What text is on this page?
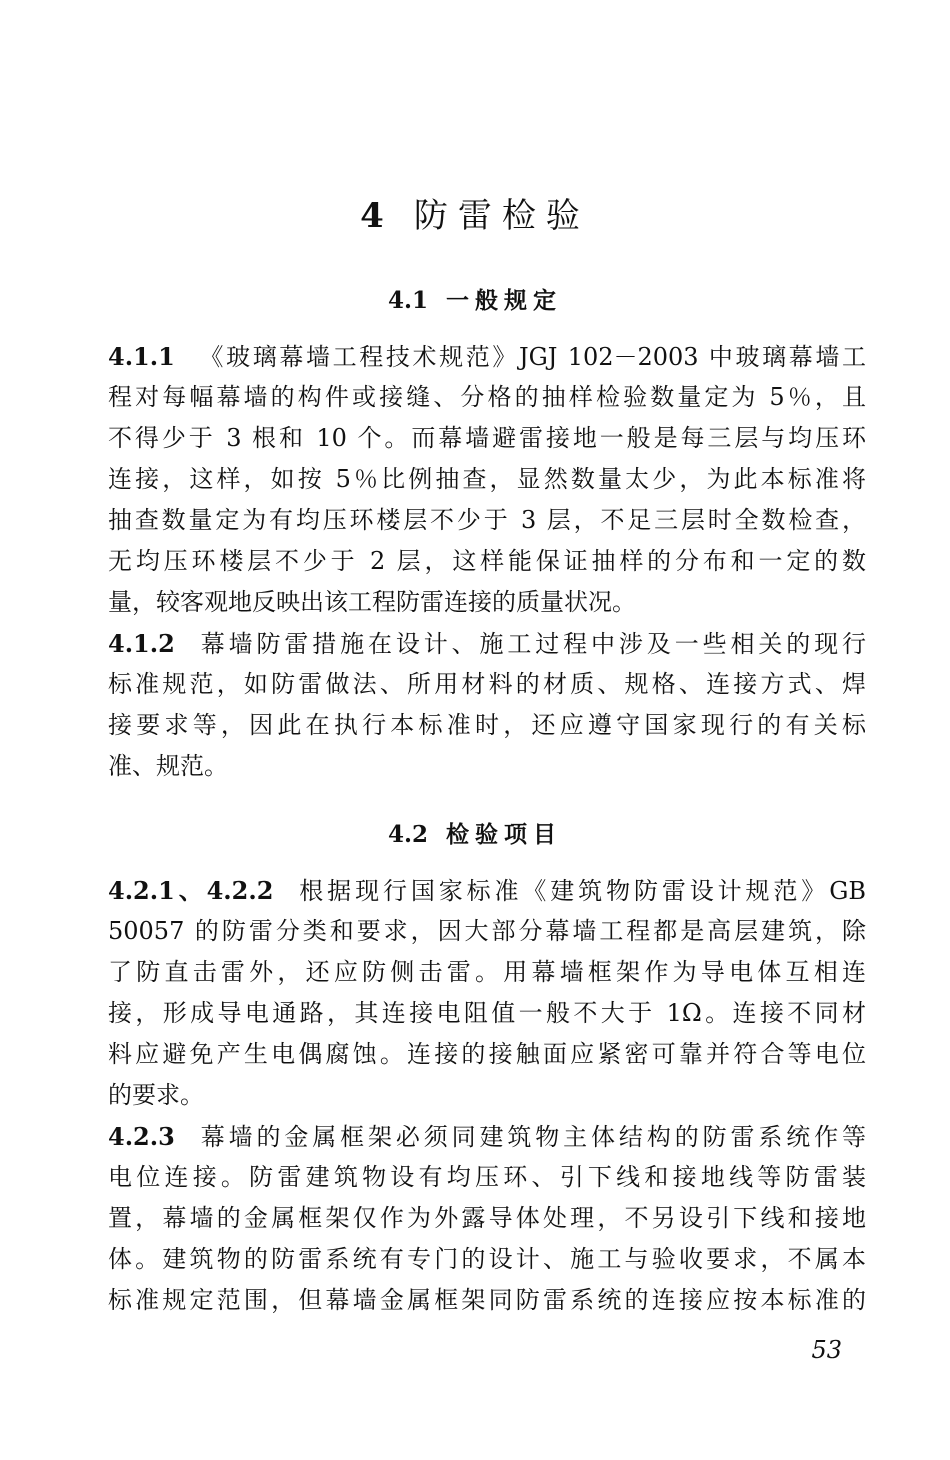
4 防雷检验
4.1 一般规定
4.1.1 《玻璃幕墙工程技术规范》JGJ 102－2003 中玻璃幕墙工
程对每幅幕墙的构件或接缝、分格的抽样检验数量定为 5％，且
不得少于 3 根和 10 个。而幕墙避雷接地一般是每三层与均压环
连接，这样，如按 5％比例抽查，显然数量太少，为此本标准将
抽查数量定为有均压环楼层不少于 3 层，不足三层时全数检查，
无均压环楼层不少于 2 层，这样能保证抽样的分布和一定的数
量，较客观地反映出该工程防雷连接的质量状况。
4.1.2 幕墙防雷措施在设计、施工过程中涉及一些相关的现行
标准规范，如防雷做法、所用材料的材质、规格、连接方式、焊
接要求等，因此在执行本标准时，还应遵守国家现行的有关标
准、规范。
4.2 检验项目
4.2.1、4.2.2 根据现行国家标准《建筑物防雷设计规范》GB
50057 的防雷分类和要求，因大部分幕墙工程都是高层建筑，除
了防直击雷外，还应防侧击雷。用幕墙框架作为导电体互相连
接，形成导电通路，其连接电阻值一般不大于 1Ω。连接不同材
料应避免产生电偶腐蚀。连接的接触面应紧密可靠并符合等电位
的要求。
4.2.3 幕墙的金属框架必须同建筑物主体结构的防雷系统作等
电位连接。防雷建筑物设有均压环、引下线和接地线等防雷装
置，幕墙的金属框架仅作为外露导体处理，不另设引下线和接地
体。建筑物的防雷系统有专门的设计、施工与验收要求，不属本
标准规定范围，但幕墙金属框架同防雷系统的连接应按本标准的
53
